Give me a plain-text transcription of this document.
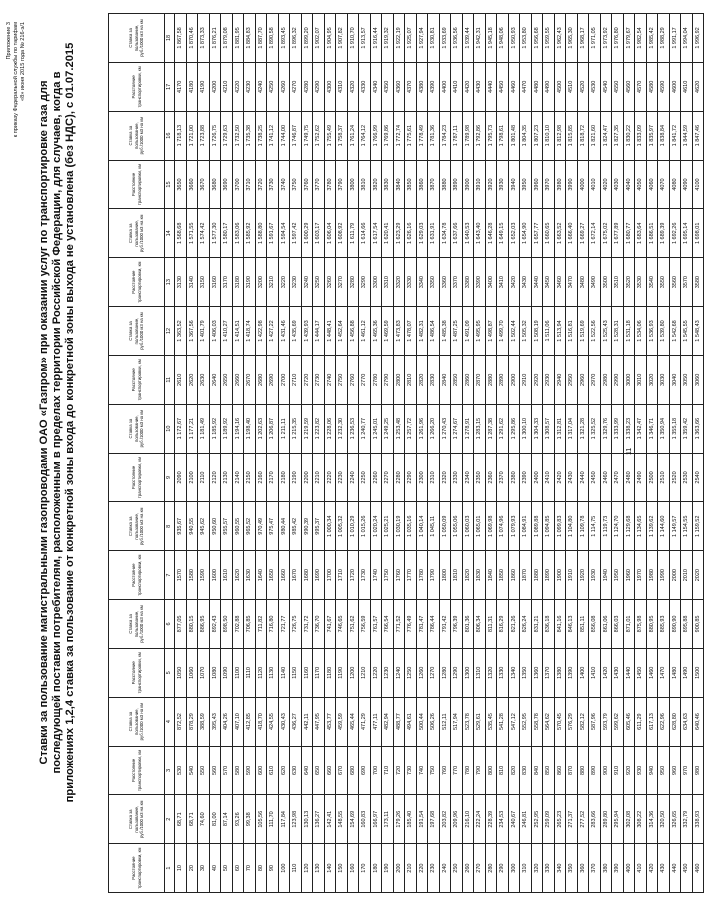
Приложение 3 к приказу Федеральной службы по тарифам «8» июня 2015 года № 216-э/1
Ставки за пользование магистральными газопроводами ОАО «Газпром» при оказании услуг по транспортировке газа для последующей поставки потребителям, расположенным в пределах территории Российской Федерации, для случаев, когда в приложениях 1,2,4 ставка за пользование от конкретной зоны входа до конкретной зоны выхода не установлена (без НДС), с 01.07.2015
Расстояние транспортировки, км	Ставка за пользование, руб./1000 м3 на км	Расстояние транспортировки, км	Ставка за пользование, руб./1000 м3 на км	Расстояние транспортировки, км	Ставка за пользование, руб./1000 м3 на км	Расстояние транспортировки, км	Ставка за пользование, руб./1000 м3 на км	Расстояние транспортировки, км	Ставка за пользование, руб./1000 м3 на км	Расстояние транспортировки, км	Ставка за пользование, руб./1000 м3 на км	Расстояние транспортировки, км	Ставка за пользование, руб./1000 м3 на км	Расстояние транспортировки, км	Ставка за пользование, руб./1000 м3 на км	Расстояние транспортировки, км	Ставка за пользование, руб./1000 м3 на км
1	2	3	4	5	6	7	8	9	10	11	12	13	14	15	16	17	18
10	68,71	530	872,52	1050	877,05	1570	935,67	2090	1 172,67	2610	1 363,52	3130	1 568,68	3650	1 718,13	4170	1 867,58
20	68,71	540	878,29	1060	880,15	1580	940,55	2100	1 177,21	2620	1 367,56	3140	1 571,55	3660	1 721,00	4180	1 870,46
30	74,60	550	388,59	1070	886,95	1590	945,62	2110	1 181,49	2630	1 401,79	3150	1 574,42	3670	1 723,88	4190	1 873,33
40	81,00	560	395,43	1080	892,43	1600	950,60	2120	1 185,92	2640	1 406,03	3160	1 577,30	3680	1 726,75	4200	1 876,21
50	87,14	570	404,26	1090	898,50	1610	955,57	2130	1 189,92	2650	1 410,27	3170	1 580,17	3690	1 729,63	4210	1 879,08
60	93,26	580	407,10	1100	702,88	1620	960,55	2140	1 194,16	2660	1 414,51	3180	1 583,06	3700	1 732,50	4220	1 881,95
70	99,38	590	412,85	1110	706,85	1630	965,52	2150	1 198,40	2670	1 418,74	3190	1 585,92	3710	1 735,38	4230	1 884,83
80	105,56	600	418,70	1120	711,82	1640	970,49	2160	1 202,63	2680	1 422,98	3200	1 588,80	3720	1 738,25	4240	1 887,70
90	111,70	610	424,55	1130	716,80	1650	975,47	2170	1 206,87	2690	1 427,22	3210	1 591,67	3730	1 741,12	4250	1 890,58
100	117,84	620	430,43	1140	721,77	1660	980,44	2180	1 211,11	2700	1 431,46	3220	1 594,54	3740	1 744,00	4260	1 893,45
110	123,98	630	436,27	1150	726,75	1670	985,42	2190	1 215,35	2710	1 435,69	3230	1 597,42	3750	1 746,87	4270	1 896,32
120	130,13	640	442,11	1160	731,72	1680	990,39	2200	1 219,59	2720	1 439,93	3240	1 600,29	3760	1 749,75	4280	1 899,20
130	136,27	650	447,95	1170	736,70	1690	995,37	2210	1 223,82	2730	1 444,17	3250	1 603,17	3770	1 752,62	4290	1 902,07
140	142,41	660	453,77	1180	741,67	1700	1 000,34	2220	1 228,06	2740	1 448,41	3260	1 606,04	3780	1 755,49	4300	1 904,95
150	148,55	670	459,59	1190	746,65	1710	1 005,32	2230	1 232,30	2750	1 452,64	3270	1 608,92	3790	1 758,37	4310	1 907,82
160	154,69	680	465,44	1200	751,62	1720	1 010,29	2240	1 236,53	2760	1 456,88	3280	1 611,79	3800	1 761,24	4320	1 910,70
170	160,83	690	471,29	1210	756,59	1730	1 015,26	2250	1 240,77	2770	1 461,12	3290	1 614,66	3810	1 764,12	4330	1 913,57
180	166,97	700	477,11	1220	761,57	1740	1 020,24	2260	1 245,01	2780	1 465,36	3300	1 617,54	3820	1 766,99	4340	1 916,44
190	173,11	710	482,94	1230	766,54	1750	1 025,21	2270	1 249,25	2790	1 469,59	3310	1 620,41	3830	1 769,86	4350	1 919,32
200	179,26	720	488,77	1240	771,52	1760	1 030,19	2280	1 253,48	2800	1 473,83	3320	1 623,29	3840	1 772,74	4360	1 922,19
210	185,40	730	494,61	1250	776,49	1770	1 035,16	2290	1 257,72	2810	1 478,07	3330	1 626,16	3850	1 775,61	4370	1 925,07
220	191,54	740	500,44	1260	781,47	1780	1 040,14	2300	1 261,96	2820	1 482,31	3340	1 629,03	3860	1 778,49	4380	1 927,94
230	197,68	750	506,26	1270	786,44	1790	1 045,11	2310	1 266,20	2830	1 486,54	3350	1 631,91	3870	1 781,36	4390	1 930,81
240	203,82	760	512,11	1280	791,42	1800	1 050,09	2320	1 270,43	2840	1 485,38	3360	1 634,78	3880	1 784,23	4400	1 933,69
250	209,96	770	517,94	1290	796,39	1810	1 055,06	2330	1 274,67	2850	1 487,25	3370	1 637,66	3890	1 787,11	4410	1 936,56
260	216,10	780	523,78	1300	801,36	1820	1 060,03	2340	1 278,91	2860	1 491,09	3380	1 640,53	3900	1 789,98	4420	1 939,44
270	222,24	790	529,61	1310	806,34	1830	1 065,01	2350	1 283,15	2870	1 495,95	3390	1 643,40	3910	1 792,86	4430	1 942,31
280	228,39	800	535,45	1320	811,31	1840	1 069,98	2360	1 287,38	2880	1 498,87	3400	1 646,28	3920	1 795,73	4440	1 945,18
290	234,53	810	541,28	1330	816,29	1850	1 074,96	2370	1 291,62	2890	1 499,70	3410	1 649,15	3930	1 798,61	4450	1 948,06
300	240,67	820	547,12	1340	821,26	1860	1 079,93	2380	1 295,86	2900	1 502,44	3420	1 652,03	3940	1 801,48	4460	1 950,93
310	246,81	830	552,95	1350	826,24	1870	1 084,91	2390	1 300,10	2910	1 505,32	3430	1 654,90	3950	1 804,35	4470	1 953,80
320	252,95	840	558,78	1360	831,21	1880	1 089,88	2400	1 304,33	2920	1 508,19	3440	1 657,77	3960	1 807,23	4480	1 956,68
330	259,09	850	564,62	1370	836,18	1890	1 094,85	2410	1 308,57	2930	1 511,06	3450	1 660,65	3970	1 810,10	4490	1 959,55
340	265,23	860	570,45	1380	841,16	1900	1 099,83	2420	1 312,81	2940	1 513,94	3460	1 663,52	3980	1 812,98	4500	1 962,43
350	271,37	870	576,29	1390	846,13	1910	1 104,80	2430	1 317,04	2950	1 516,81	3470	1 666,40	3990	1 815,85	4510	1 965,30
360	277,52	880	582,12	1400	851,11	1920	1 109,78	2440	1 321,28	2960	1 519,69	3480	1 669,27	4000	1 818,72	4520	1 968,17
370	283,66	890	587,96	1410	856,08	1930	1 114,75	2450	1 325,52	2970	1 522,56	3490	1 672,14	4010	1 821,60	4530	1 971,05
380	289,80	900	593,79	1420	861,06	1940	1 119,73	2460	1 329,76	2980	1 525,43	3500	1 675,02	4020	1 824,47	4540	1 973,92
390	295,94	910	599,62	1430	866,03	1950	1 124,70	2470	1 333,99	2990	1 528,31	3510	1 677,89	4030	1 827,35	4550	1 976,80
400	302,08	920	605,46	1440	871,01	1960	1 129,68	2480	1 338,23	3000	1 531,18	3520	1 680,77	4040	1 830,22	4560	1 979,67
410	308,22	930	611,29	1450	875,98	1970	1 134,65	2490	1 342,47	3010	1 534,06	3530	1 683,64	4050	1 833,09	4570	1 982,54
420	314,36	940	617,13	1460	880,95	1980	1 139,62	2500	1 346,71	3020	1 536,93	3540	1 686,51	4060	1 835,97	4580	1 985,42
430	320,50	950	622,96	1470	885,93	1990	1 144,60	2510	1 350,94	3030	1 539,80	3550	1 689,39	4070	1 838,84	4590	1 988,29
440	326,65	960	628,80	1480	890,90	2000	1 149,57	2520	1 355,18	3040	1 542,68	3560	1 692,26	4080	1 841,72	4600	1 991,17
450	332,79	970	634,63	1490	895,88	2010	1 154,55	2530	1 359,42	3050	1 545,55	3570	1 695,14	4090	1 844,59	4610	1 994,04
460	338,93	980	640,46	1500	900,85	2020	1 159,52	2540	1 363,66	3060	1 548,43	3580	1 698,01	4100	1 847,46	4620	1 996,92
11
